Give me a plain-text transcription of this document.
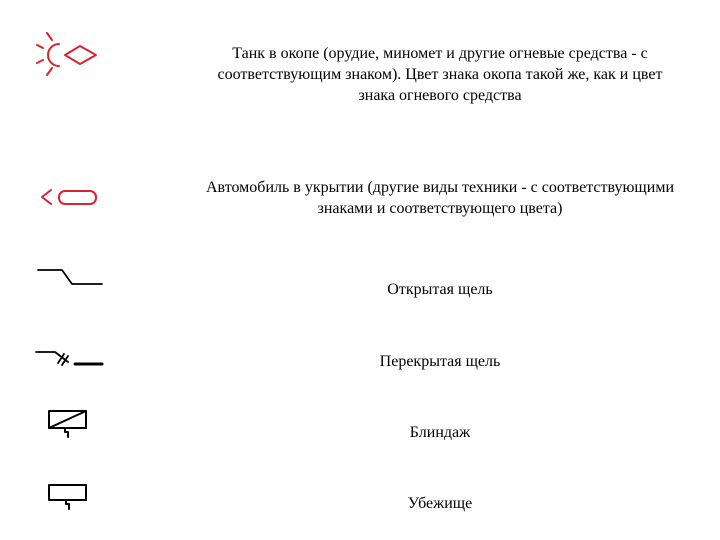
Танк в окопе (орудие, миномет и другие огневые средства - с соответствующим знаком). Цвет знака окопа такой же, как и цвет знака огневого средства
Автомобиль в укрытии (другие виды техники - с соответствующими знаками и соответствующего цвета)
Открытая щель
Перекрытая щель
Блиндаж
Убежище
